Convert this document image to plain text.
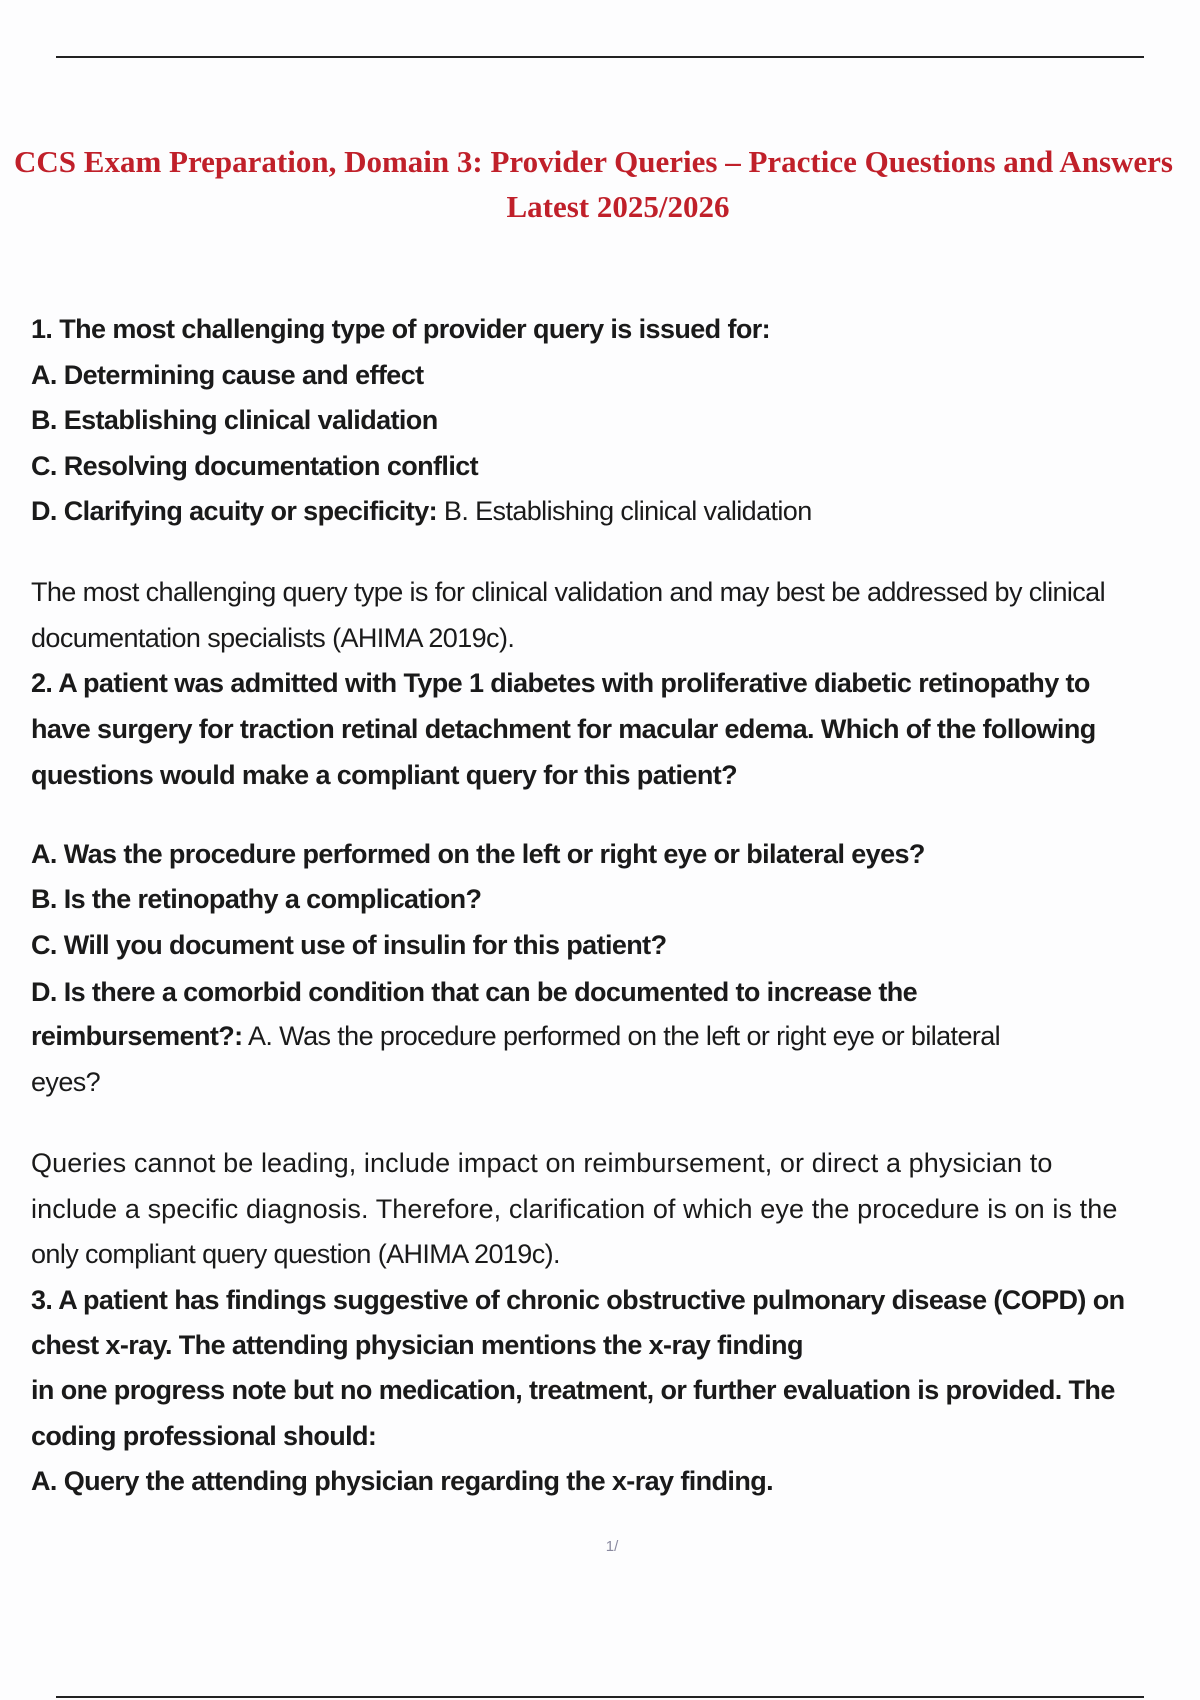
CCS Exam Preparation, Domain 3: Provider Queries – Practice Questions and Answers
Latest 2025/2026
1. The most challenging type of provider query is issued for:
A. Determining cause and effect
B. Establishing clinical validation
C. Resolving documentation conflict
D. Clarifying acuity or specificity: B. Establishing clinical validation
The most challenging query type is for clinical validation and may best be addressed by clinical
documentation specialists (AHIMA 2019c).
2. A patient was admitted with Type 1 diabetes with proliferative diabetic retinopathy to
have surgery for traction retinal detachment for macular edema. Which of the following
questions would make a compliant query for this patient?
A. Was the procedure performed on the left or right eye or bilateral eyes?
B. Is the retinopathy a complication?
C. Will you document use of insulin for this patient?
D. Is there a comorbid condition that can be documented to increase the
reimbursement?: A. Was the procedure performed on the left or right eye or bilateral
eyes?
Queries cannot be leading, include impact on reimbursement, or direct a physician to
include a specific diagnosis. Therefore, clarification of which eye the procedure is on is the
only compliant query question (AHIMA 2019c).
3. A patient has findings suggestive of chronic obstructive pulmonary disease (COPD) on
chest x-ray. The attending physician mentions the x-ray finding
in one progress note but no medication, treatment, or further evaluation is provided. The
coding professional should:
A. Query the attending physician regarding the x-ray finding.
1/
